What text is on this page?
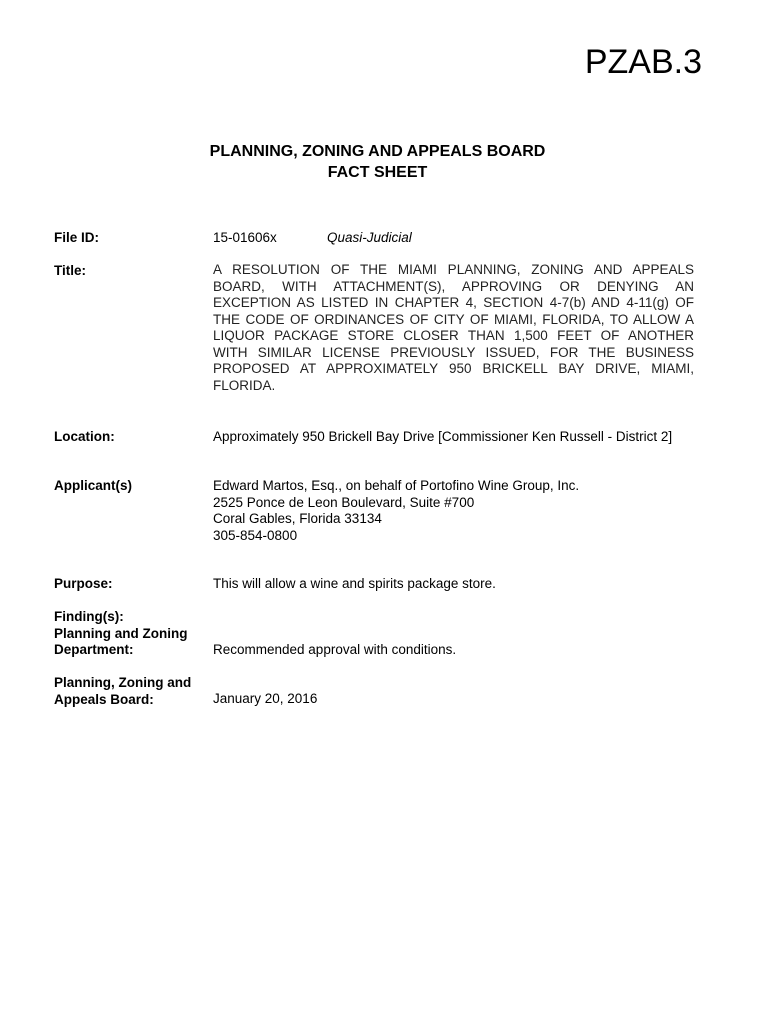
PZAB.3
PLANNING, ZONING AND APPEALS BOARD
FACT SHEET
File ID:	15-01606x	Quasi-Judicial
Title:	A RESOLUTION OF THE MIAMI PLANNING, ZONING AND APPEALS
BOARD, WITH ATTACHMENT(S), APPROVING OR DENYING AN
EXCEPTION AS LISTED IN CHAPTER 4, SECTION 4-7(b) AND 4-11(g) OF
THE CODE OF ORDINANCES OF CITY OF MIAMI, FLORIDA, TO ALLOW A
LIQUOR PACKAGE STORE CLOSER THAN 1,500 FEET OF ANOTHER
WITH SIMILAR LICENSE PREVIOUSLY ISSUED, FOR THE BUSINESS
PROPOSED AT APPROXIMATELY 950 BRICKELL BAY DRIVE, MIAMI,
FLORIDA.
Location:	Approximately 950 Brickell Bay Drive [Commissioner Ken Russell - District 2]
Applicant(s)	Edward Martos, Esq., on behalf of Portofino Wine Group, Inc.
2525 Ponce de Leon Boulevard, Suite #700
Coral Gables, Florida 33134
305-854-0800
Purpose:	This will allow a wine and spirits package store.
Finding(s):
Planning and Zoning
Department:	Recommended approval with conditions.
Planning, Zoning and
Appeals Board:	January 20, 2016
